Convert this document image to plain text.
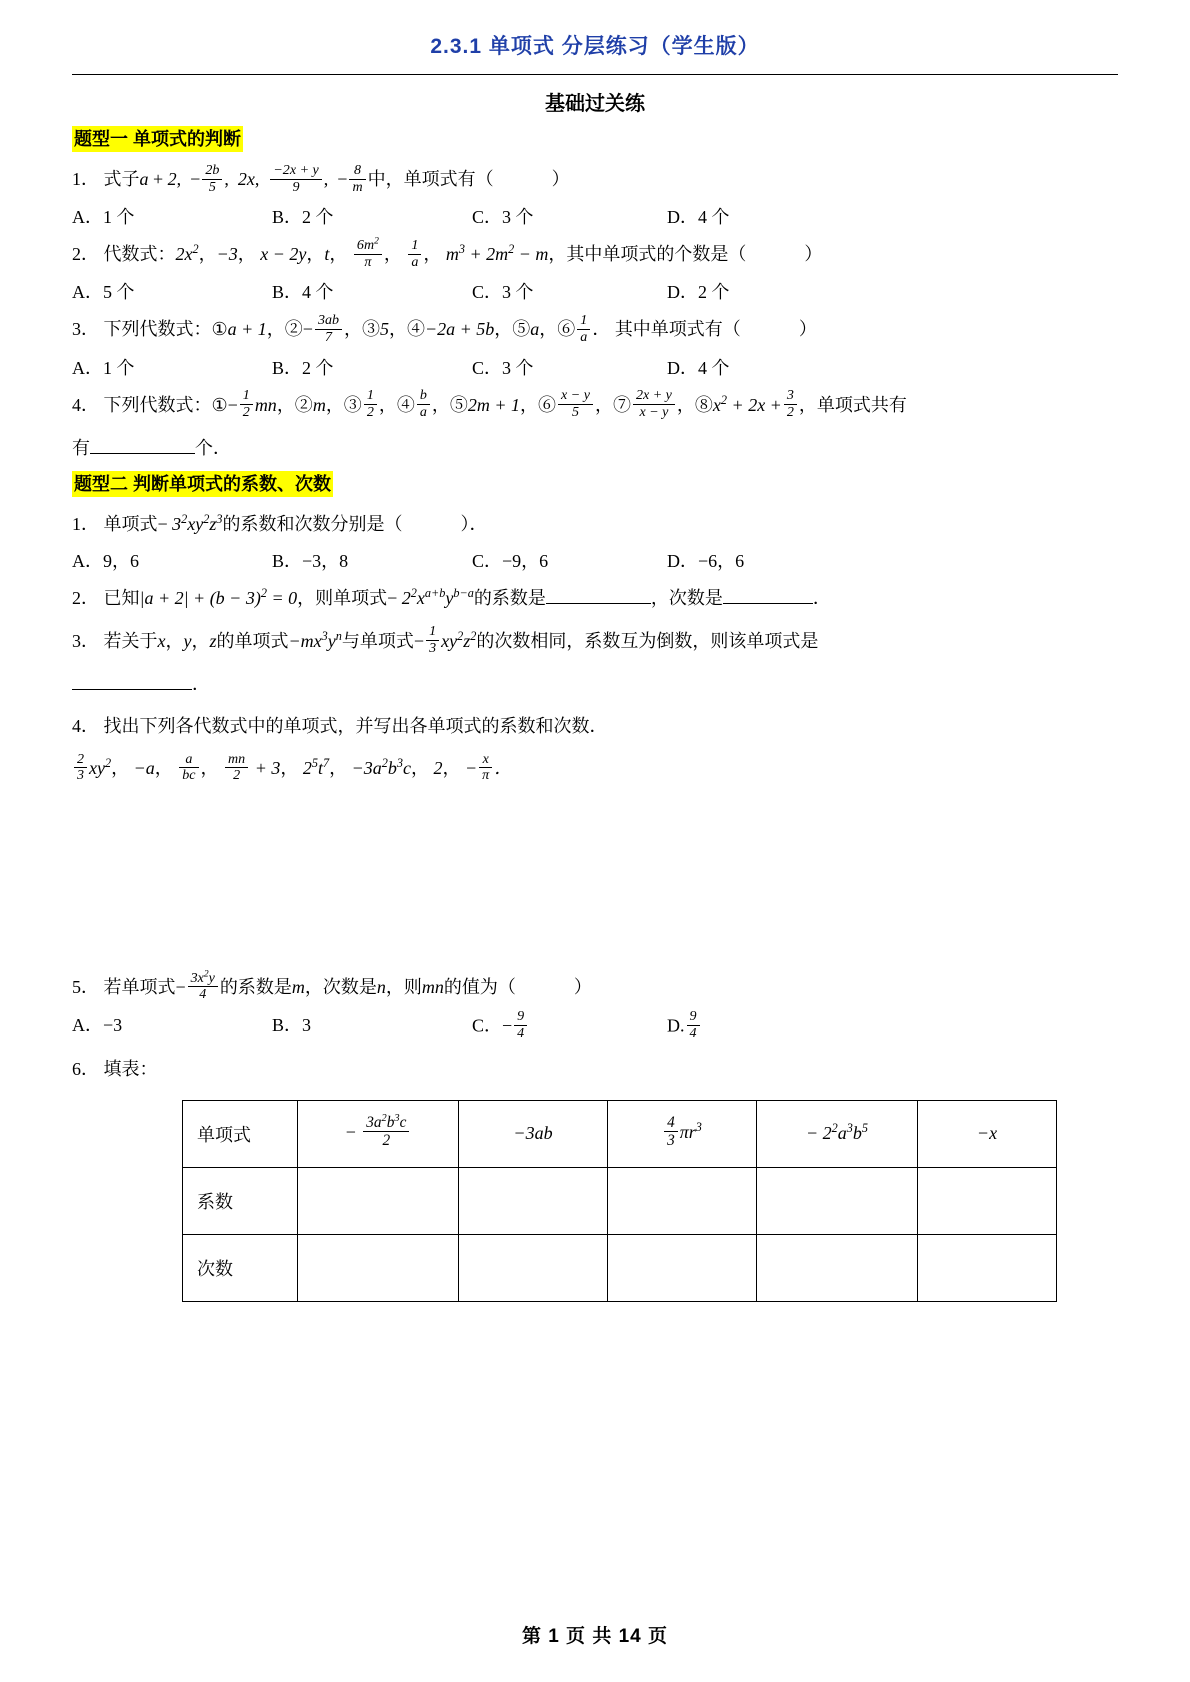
2.3.1 单项式 分层练习（学生版）
基础过关练
题型一 单项式的判断
1． 式子a + 2,  − $\frac{2b}{5}$ ,  2x, $\frac{-2x + y}{9}$ ,  − $\frac{8}{m}$ 中，单项式有（	）
A．1 个	B．2 个	C．3 个	D．4 个
2． 代数式：$2x^2$，−3， x − 2y，t， $\frac{6m^2}{\pi}$ ， $\frac{1}{a}$ ， $m^3 + 2m^2 - m$，其中单项式的个数是（	）
A．5 个	B．4 个	C．3 个	D．2 个
3． 下列代数式：①a + 1，②− $\frac{3ab}{7}$ ，③5，④−2a + 5b，⑤a，⑥ $\frac{1}{a}$ ． 其中单项式有（	）
A．1 个	B．2 个	C．3 个	D．4 个
4． 下列代数式：①− $\frac{1}{2}$ mn，②m，③ $\frac{1}{2}$ ，④ $\frac{b}{a}$ ，⑤2m + 1，⑥ $\frac{x - y}{5}$ ，⑦ $\frac{2x + y}{x - y}$ ，$⑧x^2 + 2x + \frac{3}{2}$ ，单项式共有
有	个．
题型二 判断单项式的系数、次数
1． 单项式− $3^2xy^2z^3$的系数和次数分别是（	）．
A．9，6	B．−3，8	C．−9，6	D．−6，6
2． 已知$|a + 2| + (b - 3)^2 = 0$，则单项式− $2^2x^{a+b}y^{b-a}$的系数是	，次数是	．
3． 若关于x，y，z的单项式$-mx^3y^n$与单项式− $\frac{1}{3} xy^2z^2$的次数相同，系数互为倒数，则该单项式是
．
4． 找出下列各代数式中的单项式，并写出各单项式的系数和次数．
$\frac{2}{3} xy^2$， −a， $\frac{a}{bc}$ ， $\frac{mn}{2} + 3$， $2^5t^7$， $-3a^2b^3c$， 2， − $\frac{x}{\pi}$ ．
5． 若单项式− $\frac{3x^2y}{4}$ 的系数是m，次数是n，则mn的值为（	）
A．−3	B．3	C．− $\frac{9}{4}$	D. $\frac{9}{4}$
6． 填表：
单项式	− $\frac{3a^2b^3c}{2}$	−3ab	$\frac{4}{3} \pi r^3$	− $2^2a^3b^5$	−x
系数					
次数					
第 1 页 共 14 页
